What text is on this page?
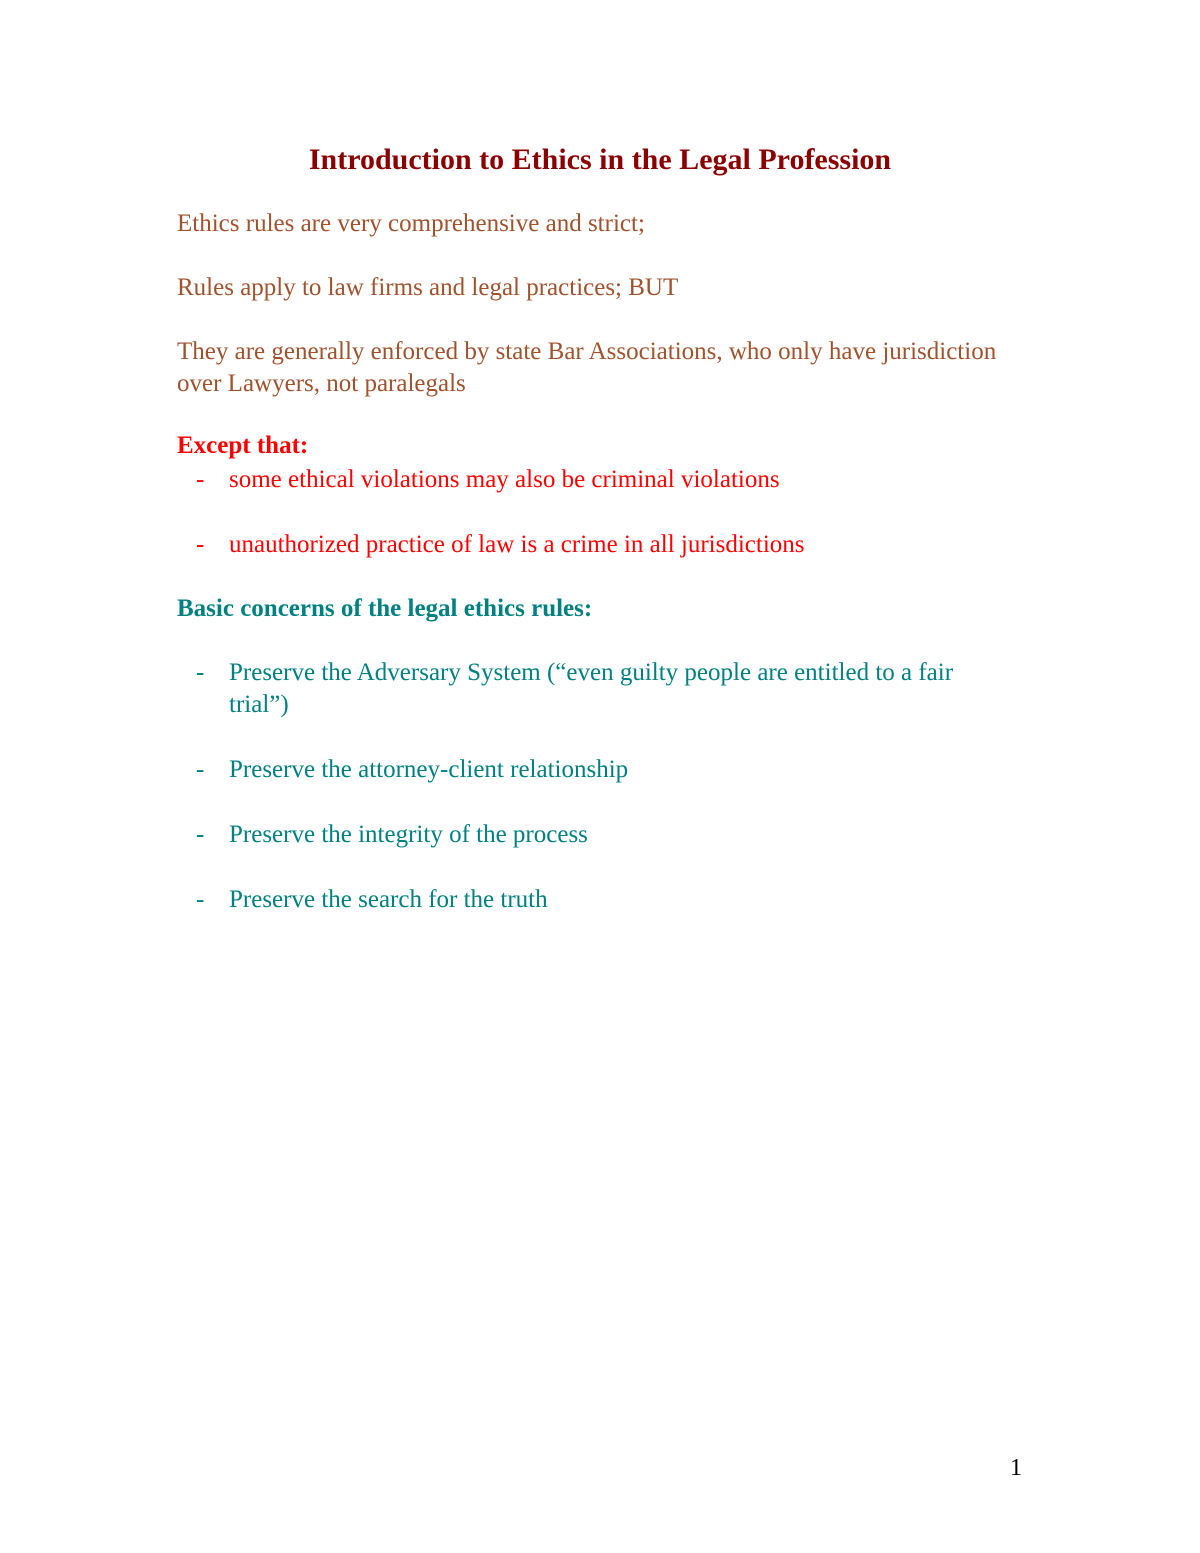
Introduction to Ethics in the Legal Profession
Ethics rules are very comprehensive and strict;
Rules apply to law firms and legal practices; BUT
They are generally enforced by state Bar Associations, who only have jurisdiction over Lawyers, not paralegals
Except that:
- some ethical violations may also be criminal violations
- unauthorized practice of law is a crime in all jurisdictions
Basic concerns of the legal ethics rules:
- Preserve the Adversary System (“even guilty people are entitled to a fair trial”)
- Preserve the attorney-client relationship
- Preserve the integrity of the process
- Preserve the search for the truth
1
